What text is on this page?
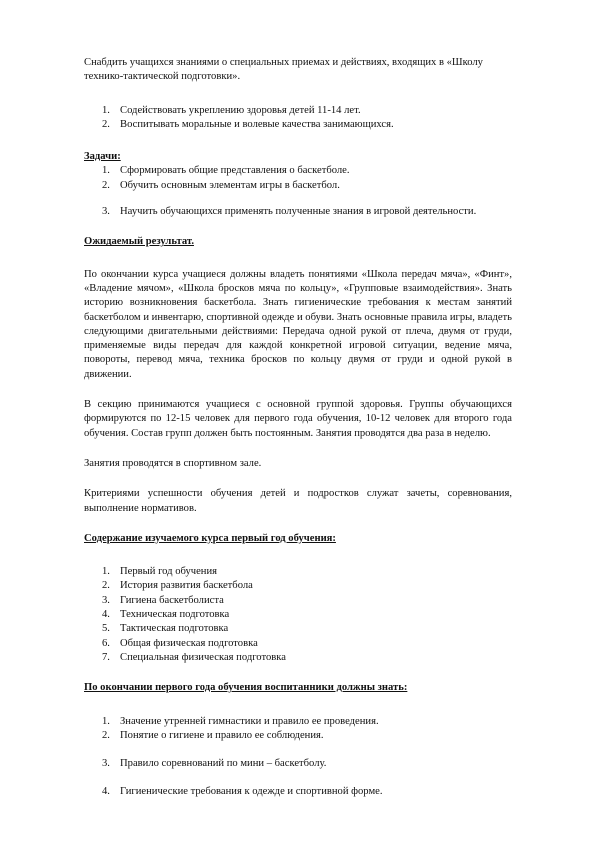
Снабдить учащихся знаниями о специальных приемах и действиях, входящих в «Школу технико-тактической подготовки».

1. Содействовать укреплению здоровья детей 11-14 лет.
2. Воспитывать моральные и волевые качества занимающихся.

Задачи:

1. Сформировать общие представления о баскетболе.
2. Обучить основным элементам игры в баскетбол.
3. Научить обучающихся применять полученные знания в игровой деятельности.

Ожидаемый результат.

По окончании курса учащиеся должны владеть понятиями «Школа передач мяча», «Финт», «Владение мячом», «Школа бросков мяча по кольцу», «Групповые взаимодействия». Знать историю возникновения баскетбола. Знать гигиенические требования к местам занятий баскетболом и инвентарю, спортивной одежде и обуви. Знать основные правила игры, владеть следующими двигательными действиями: Передача одной рукой от плеча, двумя от груди, применяемые виды передач для каждой конкретной игровой ситуации, ведение мяча, повороты, перевод мяча, техника бросков по кольцу двумя от груди и одной рукой в движении.

В секцию принимаются учащиеся с основной группой здоровья. Группы обучающихся формируются по 12-15 человек для первого года обучения, 10-12 человек для второго года обучения. Состав групп должен быть постоянным. Занятия проводятся два раза в неделю.

Занятия проводятся в спортивном зале.

Критериями успешности обучения детей и подростков служат зачеты, соревнования, выполнение нормативов.

Содержание изучаемого курса первый год обучения:

1. Первый год обучения
2. История развития баскетбола
3. Гигиена баскетболиста
4. Техническая подготовка
5. Тактическая подготовка
6. Общая физическая подготовка
7. Специальная физическая подготовка

По окончании первого года обучения воспитанники должны знать:

1. Значение утренней гимнастики и правило ее проведения.
2. Понятие о гигиене и правило ее соблюдения.
3. Правило соревнований по мини – баскетболу.
4. Гигиенические требования к одежде и спортивной форме.
